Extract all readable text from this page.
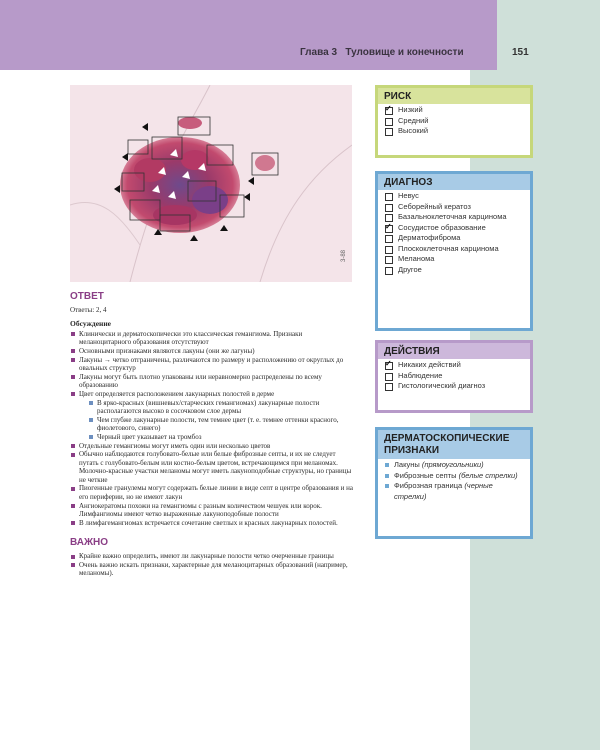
Глава 3 Туловище и конечности	151
3-88
ОТВЕТ
Ответы: 2, 4
Обсуждение
Клинически и дерматоскопически это классическая гемангиома. Признаки меланоцитарного образования отсутствуют
Основными признаками являются лакуны (они же лагуны)
Лакуны → четко отграничены, различаются по размеру и расположению от округлых до овальных структур
Лакуны могут быть плотно упакованы или неравномерно распределены по всему образованию
Цвет определяется расположением лакунарных полостей в дерме
В ярко-красных (вишневых/старческих гемангиомах) лакунарные полости располагаются высоко в сосочковом слое дермы
Чем глубже лакунарные полости, тем темнее цвет (т. е. темнее оттенки красного, фиолетового, синего)
Черный цвет указывает на тромбоз
Отдельные гемангиомы могут иметь один или несколько цветов
Обычно наблюдаются голубовато-белые или белые фиброзные септы, и их не следует путать с голубовато-белым или костно-белым цветом, встречающимся при меланомах. Молочно-красные участки меланомы могут иметь лакуноподобные структуры, но границы не четкие
Пиогенные гранулемы могут содержать белые линии в виде септ в центре образования и на его периферии, но не имеют лакун
Ангиокератомы похожи на гемангиомы с разным количеством чешуек или корок. Лимфангиомы имеют четко выраженные лакуноподобные полости
В лимфагемангиомах встречается сочетание светлых и красных лакунарных полостей.
ВАЖНО
Крайне важно определить, имеют ли лакунарные полости четко очерченные границы
Очень важно искать признаки, характерные для меланоцитарных образований (например, меланомы).
РИСК
✓
Низкий
Средний
Высокий
ДИАГНОЗ
Невус
Себорейный кератоз
Базальноклеточная карцинома
✓
Сосудистое образование
Дерматофиброма
Плоскоклеточная карцинома
Меланома
Другое
ДЕЙСТВИЯ
✓
Никаких действий
Наблюдение
Гистологический диагноз
ДЕРМАТОСКОПИЧЕСКИЕ ПРИЗНАКИ
Лакуны (прямоугольники)
Фиброзные септы (белые стрелки)
Фиброзная граница (черные стрелки)
